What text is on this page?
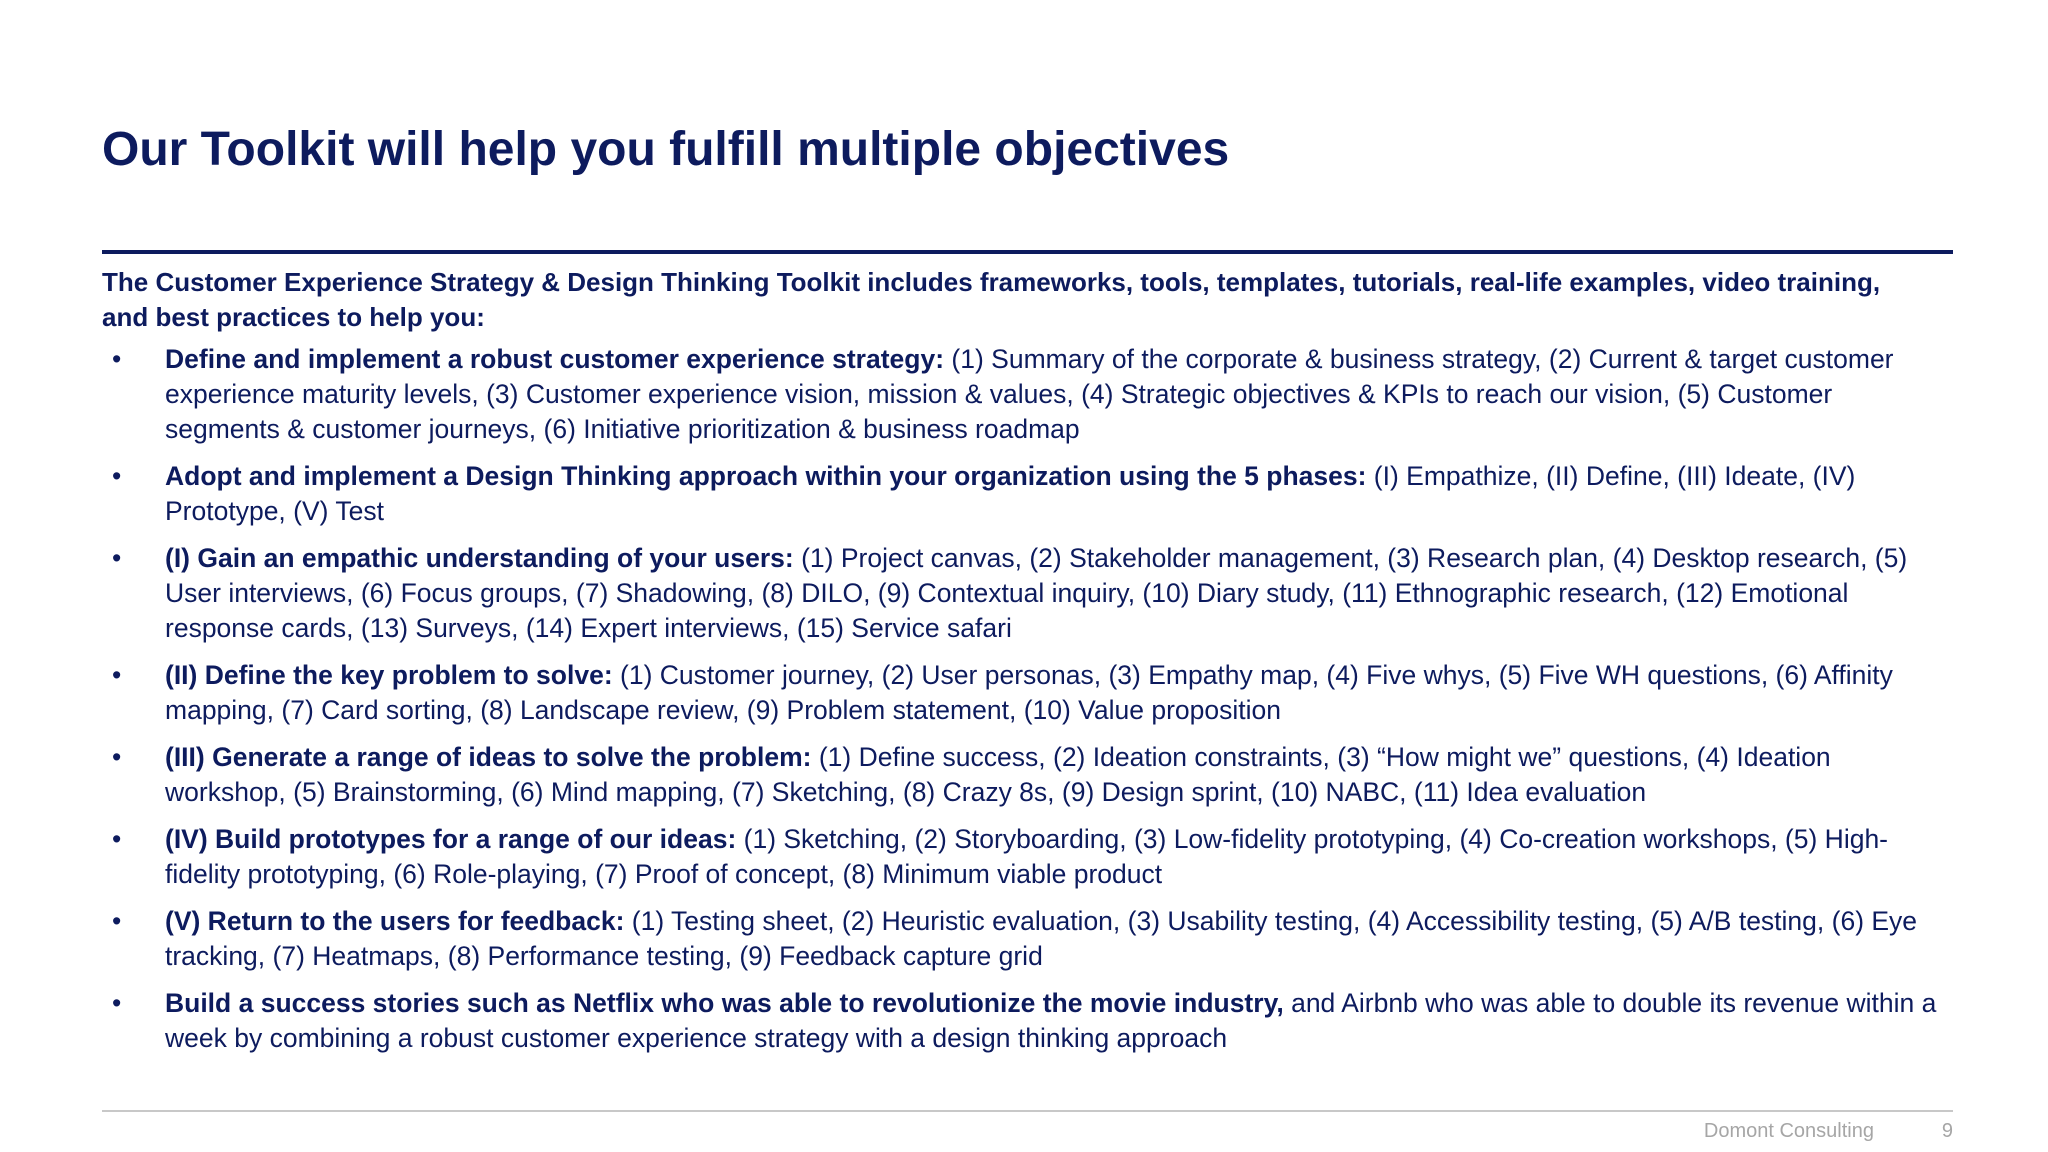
Our Toolkit will help you fulfill multiple objectives
The Customer Experience Strategy & Design Thinking Toolkit includes frameworks, tools, templates, tutorials, real-life examples, video training, and best practices to help you:
• Define and implement a robust customer experience strategy: (1) Summary of the corporate & business strategy, (2) Current & target customer experience maturity levels, (3) Customer experience vision, mission & values, (4) Strategic objectives & KPIs to reach our vision, (5) Customer segments & customer journeys, (6) Initiative prioritization & business roadmap
• Adopt and implement a Design Thinking approach within your organization using the 5 phases: (I) Empathize, (II) Define, (III) Ideate, (IV) Prototype, (V) Test
• (I) Gain an empathic understanding of your users: (1) Project canvas, (2) Stakeholder management, (3) Research plan, (4) Desktop research, (5) User interviews, (6) Focus groups, (7) Shadowing, (8) DILO, (9) Contextual inquiry, (10) Diary study, (11) Ethnographic research, (12) Emotional response cards, (13) Surveys, (14) Expert interviews, (15) Service safari
• (II) Define the key problem to solve: (1) Customer journey, (2) User personas, (3) Empathy map, (4) Five whys, (5) Five WH questions, (6) Affinity mapping, (7) Card sorting, (8) Landscape review, (9) Problem statement, (10) Value proposition
• (III) Generate a range of ideas to solve the problem: (1) Define success, (2) Ideation constraints, (3) “How might we” questions, (4) Ideation workshop, (5) Brainstorming, (6) Mind mapping, (7) Sketching, (8) Crazy 8s, (9) Design sprint, (10) NABC, (11) Idea evaluation
• (IV) Build prototypes for a range of our ideas: (1) Sketching, (2) Storyboarding, (3) Low-fidelity prototyping, (4) Co-creation workshops, (5) High-fidelity prototyping, (6) Role-playing, (7) Proof of concept, (8) Minimum viable product
• (V) Return to the users for feedback: (1) Testing sheet, (2) Heuristic evaluation, (3) Usability testing, (4) Accessibility testing, (5) A/B testing, (6) Eye tracking, (7) Heatmaps, (8) Performance testing, (9) Feedback capture grid
• Build a success stories such as Netflix who was able to revolutionize the movie industry, and Airbnb who was able to double its revenue within a week by combining a robust customer experience strategy with a design thinking approach
Domont Consulting	9
